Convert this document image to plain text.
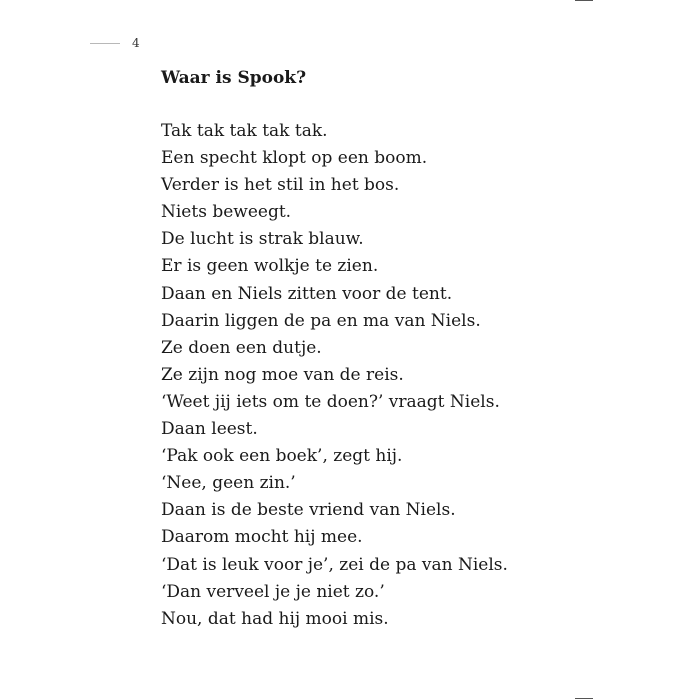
4
Waar is Spook?
Tak tak tak tak tak.
Een specht klopt op een boom.
Verder is het stil in het bos.
Niets beweegt.
De lucht is strak blauw.
Er is geen wolkje te zien.
Daan en Niels zitten voor de tent.
Daarin liggen de pa en ma van Niels.
Ze doen een dutje.
Ze zijn nog moe van de reis.
‘Weet jij iets om te doen?’ vraagt Niels.
Daan leest.
‘Pak ook een boek’, zegt hij.
‘Nee, geen zin.’
Daan is de beste vriend van Niels.
Daarom mocht hij mee.
‘Dat is leuk voor je’, zei de pa van Niels.
‘Dan verveel je je niet zo.’
Nou, dat had hij mooi mis.
